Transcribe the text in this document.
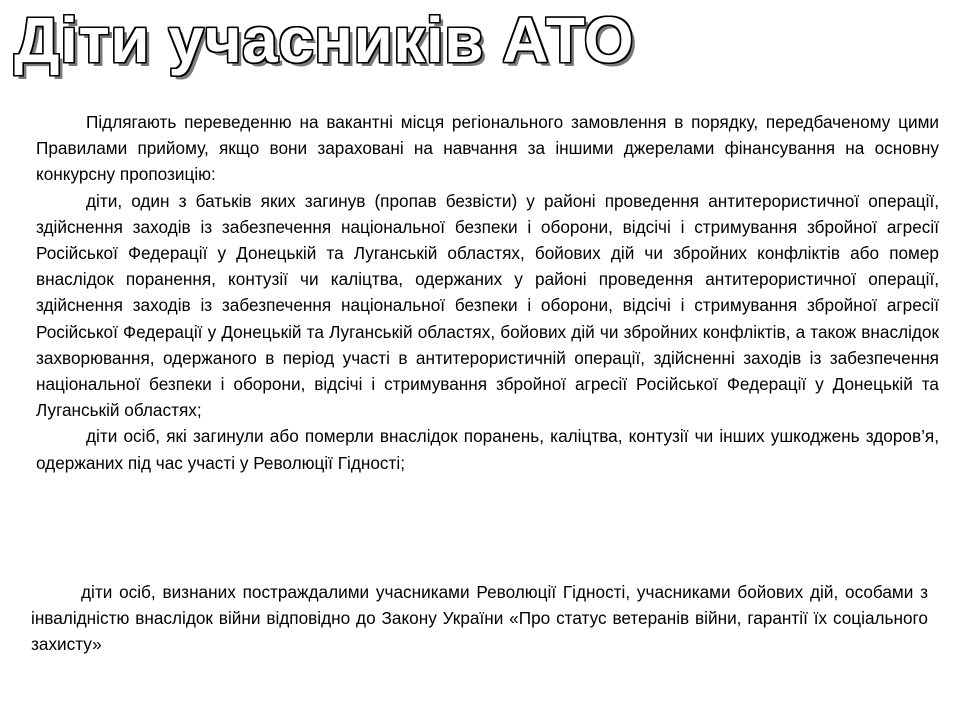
Діти учасників АТО

Підлягають переведенню на вакантні місця регіонального замовлення в порядку, передбаченому цими Правилами прийому, якщо вони зараховані на навчання за іншими джерелами фінансування на основну конкурсну пропозицію:

діти, один з батьків яких загинув (пропав безвісти) у районі проведення антитерористичної операції, здійснення заходів із забезпечення національної безпеки і оборони, відсічі і стримування збройної агресії Російської Федерації у Донецькій та Луганській областях, бойових дій чи збройних конфліктів або помер внаслідок поранення, контузії чи каліцтва, одержаних у районі проведення антитерористичної операції, здійснення заходів із забезпечення національної безпеки і оборони, відсічі і стримування збройної агресії Російської Федерації у Донецькій та Луганській областях, бойових дій чи збройних конфліктів, а також внаслідок захворювання, одержаного в період участі в антитерористичній операції, здійсненні заходів із забезпечення національної безпеки і оборони, відсічі і стримування збройної агресії Російської Федерації у Донецькій та Луганській областях;

діти осіб, які загинули або померли внаслідок поранень, каліцтва, контузії чи інших ушкоджень здоров’я, одержаних під час участі у Революції Гідності;

діти осіб, визнаних постраждалими учасниками Революції Гідності, учасниками бойових дій, особами з інвалідністю внаслідок війни відповідно до Закону України «Про статус ветеранів війни, гарантії їх соціального захисту»
